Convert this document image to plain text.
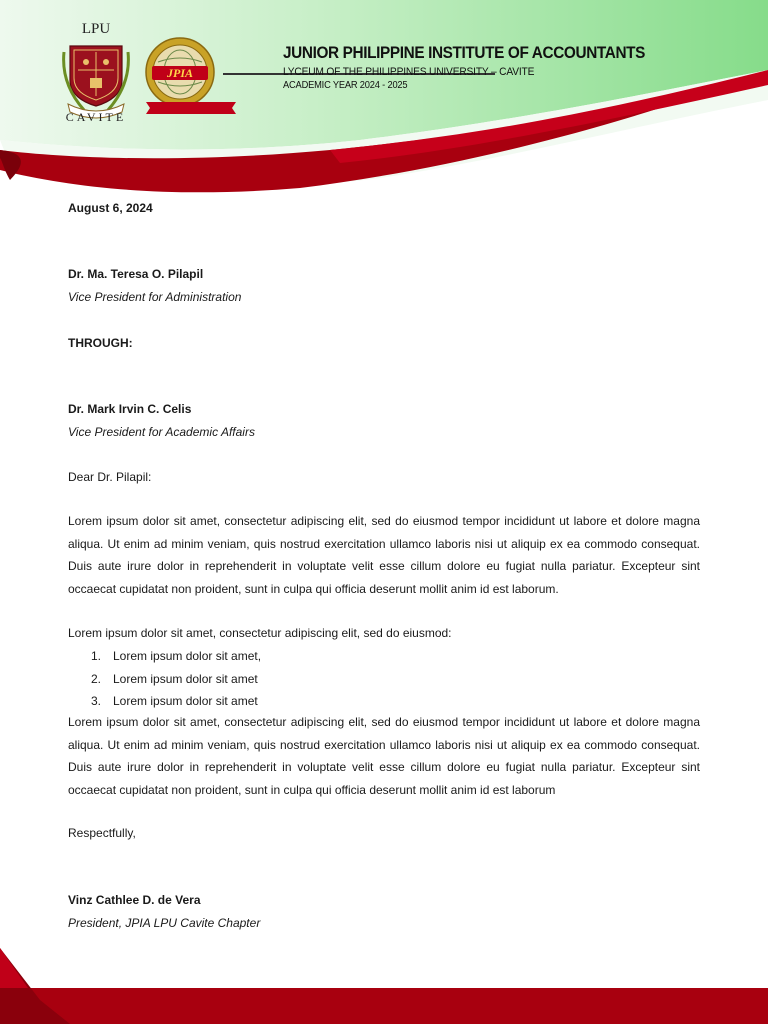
LPU
CAVITE
JPIA
JUNIOR PHILIPPINE INSTITUTE OF ACCOUNTANTS
LYCEUM OF THE PHILIPPINES UNIVERSITY – CAVITE
ACADEMIC YEAR 2024 - 2025
August 6, 2024
Dr. Ma. Teresa O. Pilapil
Vice President for Administration
THROUGH:
Dr. Mark Irvin C. Celis
Vice President for Academic Affairs
Dear Dr. Pilapil:
Lorem ipsum dolor sit amet, consectetur adipiscing elit, sed do eiusmod tempor incididunt ut labore et dolore magna aliqua. Ut enim ad minim veniam, quis nostrud exercitation ullamco laboris nisi ut aliquip ex ea commodo consequat. Duis aute irure dolor in reprehenderit in voluptate velit esse cillum dolore eu fugiat nulla pariatur. Excepteur sint occaecat cupidatat non proident, sunt in culpa qui officia deserunt mollit anim id est laborum.
Lorem ipsum dolor sit amet, consectetur adipiscing elit, sed do eiusmod:
1.	Lorem ipsum dolor sit amet,
2.	Lorem ipsum dolor sit amet
3.	Lorem ipsum dolor sit amet
Lorem ipsum dolor sit amet, consectetur adipiscing elit, sed do eiusmod tempor incididunt ut labore et dolore magna aliqua. Ut enim ad minim veniam, quis nostrud exercitation ullamco laboris nisi ut aliquip ex ea commodo consequat. Duis aute irure dolor in reprehenderit in voluptate velit esse cillum dolore eu fugiat nulla pariatur. Excepteur sint occaecat cupidatat non proident, sunt in culpa qui officia deserunt mollit anim id est laborum
Respectfully,
Vinz Cathlee D. de Vera
President, JPIA LPU Cavite Chapter
